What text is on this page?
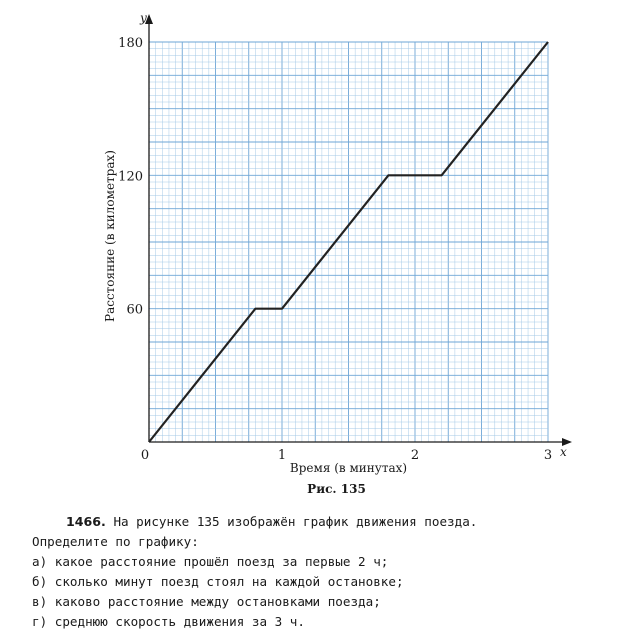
x
y
Время (в минутах)
Расстояние (в километрах)
0	1	2	3
60
120
180
Рис. 135
1466. На рисунке 135 изображён график движения поезда.
Определите по графику:
а) какое расстояние прошёл поезд за первые 2 ч;
б) сколько минут поезд стоял на каждой остановке;
в) каково расстояние между остановками поезда;
г) среднюю скорость движения за 3 ч.
